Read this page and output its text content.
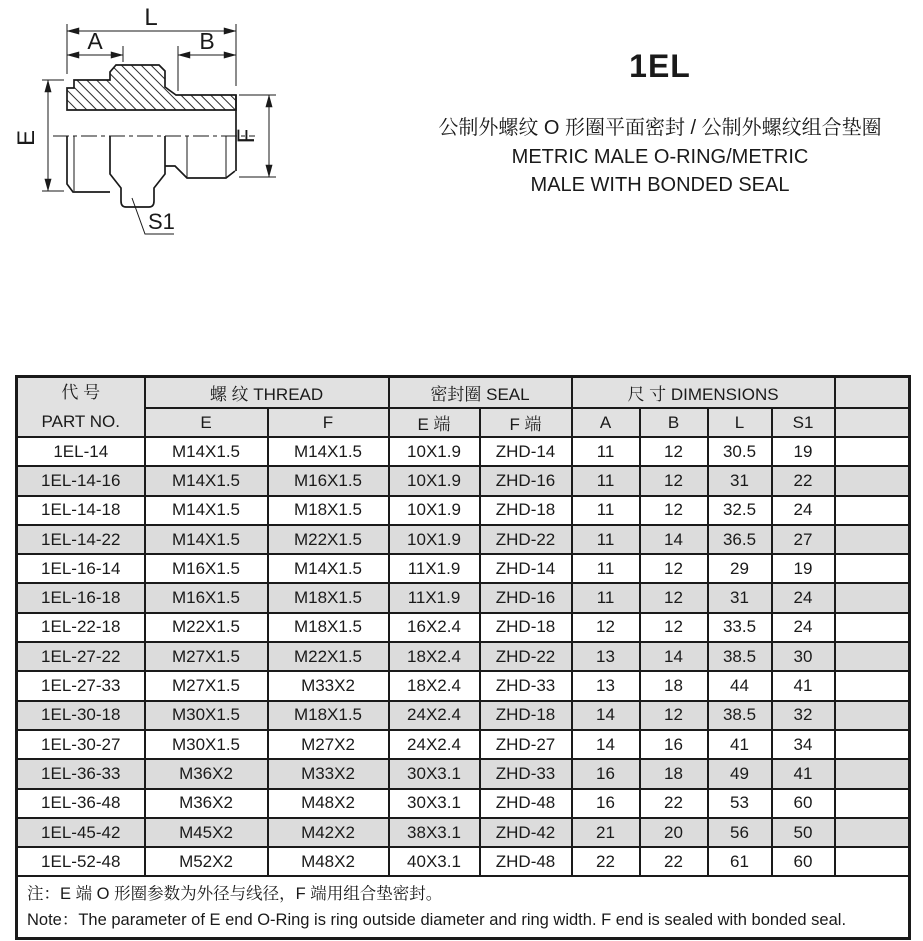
L
A	B
E	F
S1
1EL
公制外螺纹 O 形圈平面密封 / 公制外螺纹组合垫圈
METRIC MALE O-RING/METRIC
MALE WITH BONDED SEAL
代 号
PART NO.	螺 纹 THREAD		密封圈 SEAL		尺 寸 DIMENSIONS				
	E	F	E 端	F 端	A	B	L	S1	
1EL-14	M14X1.5	M14X1.5	10X1.9	ZHD-14	11	12	30.5	19	
1EL-14-16	M14X1.5	M16X1.5	10X1.9	ZHD-16	11	12	31	22	
1EL-14-18	M14X1.5	M18X1.5	10X1.9	ZHD-18	11	12	32.5	24	
1EL-14-22	M14X1.5	M22X1.5	10X1.9	ZHD-22	11	14	36.5	27	
1EL-16-14	M16X1.5	M14X1.5	11X1.9	ZHD-14	11	12	29	19	
1EL-16-18	M16X1.5	M18X1.5	11X1.9	ZHD-16	11	12	31	24	
1EL-22-18	M22X1.5	M18X1.5	16X2.4	ZHD-18	12	12	33.5	24	
1EL-27-22	M27X1.5	M22X1.5	18X2.4	ZHD-22	13	14	38.5	30	
1EL-27-33	M27X1.5	M33X2	18X2.4	ZHD-33	13	18	44	41	
1EL-30-18	M30X1.5	M18X1.5	24X2.4	ZHD-18	14	12	38.5	32	
1EL-30-27	M30X1.5	M27X2	24X2.4	ZHD-27	14	16	41	34	
1EL-36-33	M36X2	M33X2	30X3.1	ZHD-33	16	18	49	41	
1EL-36-48	M36X2	M48X2	30X3.1	ZHD-48	16	22	53	60	
1EL-45-42	M45X2	M42X2	38X3.1	ZHD-42	21	20	56	50	
1EL-52-48	M52X2	M48X2	40X3.1	ZHD-48	22	22	61	60	

注：E 端 O 形圈参数为外径与线径，F 端用组合垫密封。
Note：The parameter of E end O-Ring is ring outside diameter and ring width. F end is sealed with bonded seal.									
